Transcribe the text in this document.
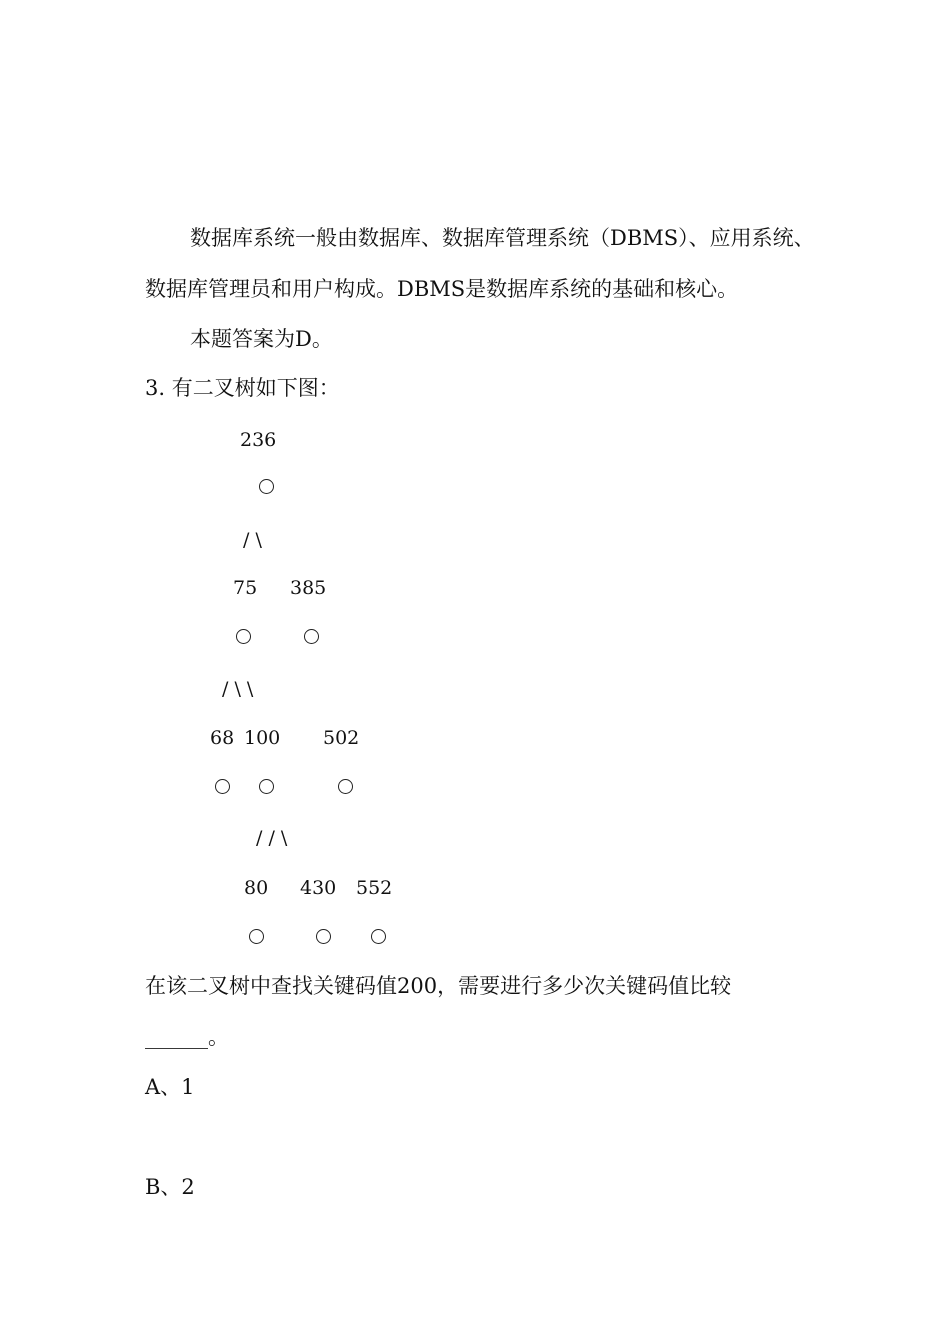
数据库系统一般由数据库、数据库管理系统（DBMS）、应用系统、
数据库管理员和用户构成。DBMS是数据库系统的基础和核心。
本题答案为D。
3. 有二叉树如下图：
236
/ \
75 385
/ \ \
68 100 502
/ / \
80 430 552
在该二叉树中查找关键码值200，需要进行多少次关键码值比较
______。
A、1
B、2
